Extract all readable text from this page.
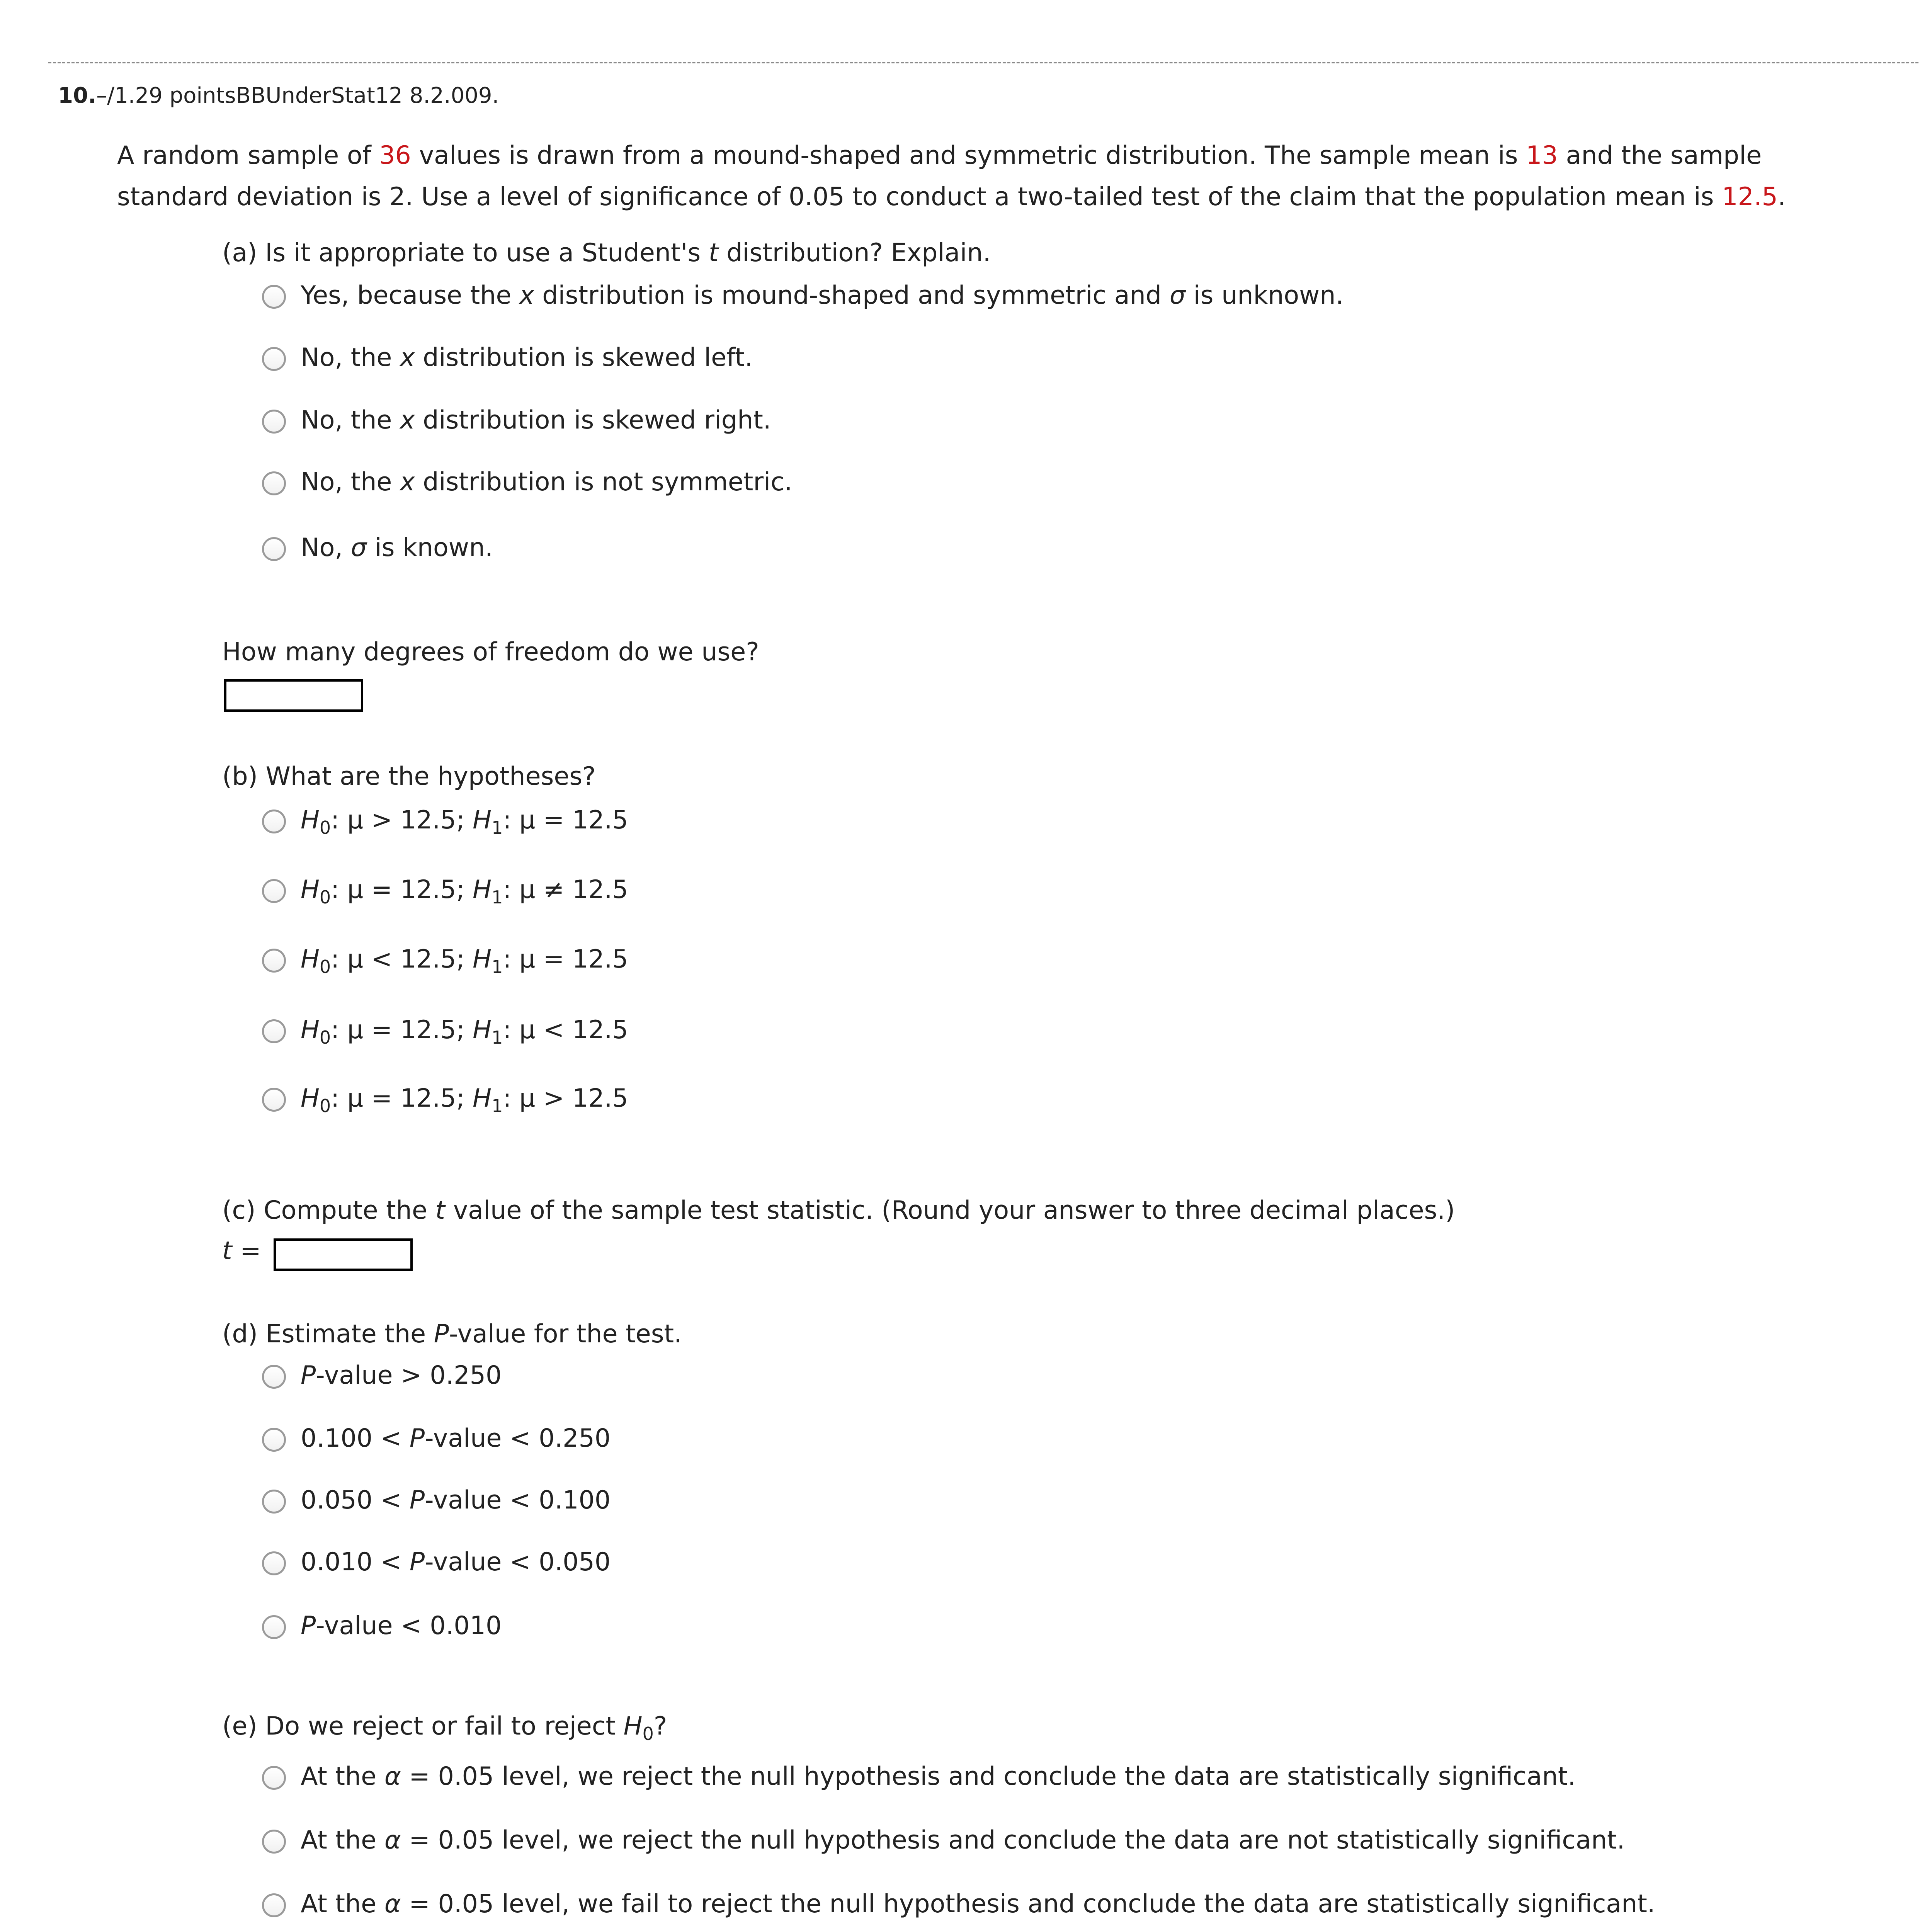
10.–/1.29 pointsBBUnderStat12 8.2.009.
A random sample of 36 values is drawn from a mound-shaped and symmetric distribution. The sample mean is 13 and the sample
standard deviation is 2. Use a level of significance of 0.05 to conduct a two-tailed test of the claim that the population mean is 12.5.
(a) Is it appropriate to use a Student's t distribution? Explain.
Yes, because the x distribution is mound-shaped and symmetric and σ is unknown.
No, the x distribution is skewed left.
No, the x distribution is skewed right.
No, the x distribution is not symmetric.
No, σ is known.
How many degrees of freedom do we use?
(b) What are the hypotheses?
$H_0$: μ > 12.5; $H_1$: μ = 12.5
$H_0$: μ = 12.5; $H_1$: μ ≠ 12.5
$H_0$: μ < 12.5; $H_1$: μ = 12.5
$H_0$: μ = 12.5; $H_1$: μ < 12.5
$H_0$: μ = 12.5; $H_1$: μ > 12.5
(c) Compute the t value of the sample test statistic. (Round your answer to three decimal places.)
t =
(d) Estimate the P-value for the test.
P-value > 0.250
0.100 < P-value < 0.250
0.050 < P-value < 0.100
0.010 < P-value < 0.050
P-value < 0.010
(e) Do we reject or fail to reject $H_0$?
At the α = 0.05 level, we reject the null hypothesis and conclude the data are statistically significant.
At the α = 0.05 level, we reject the null hypothesis and conclude the data are not statistically significant.
At the α = 0.05 level, we fail to reject the null hypothesis and conclude the data are statistically significant.
